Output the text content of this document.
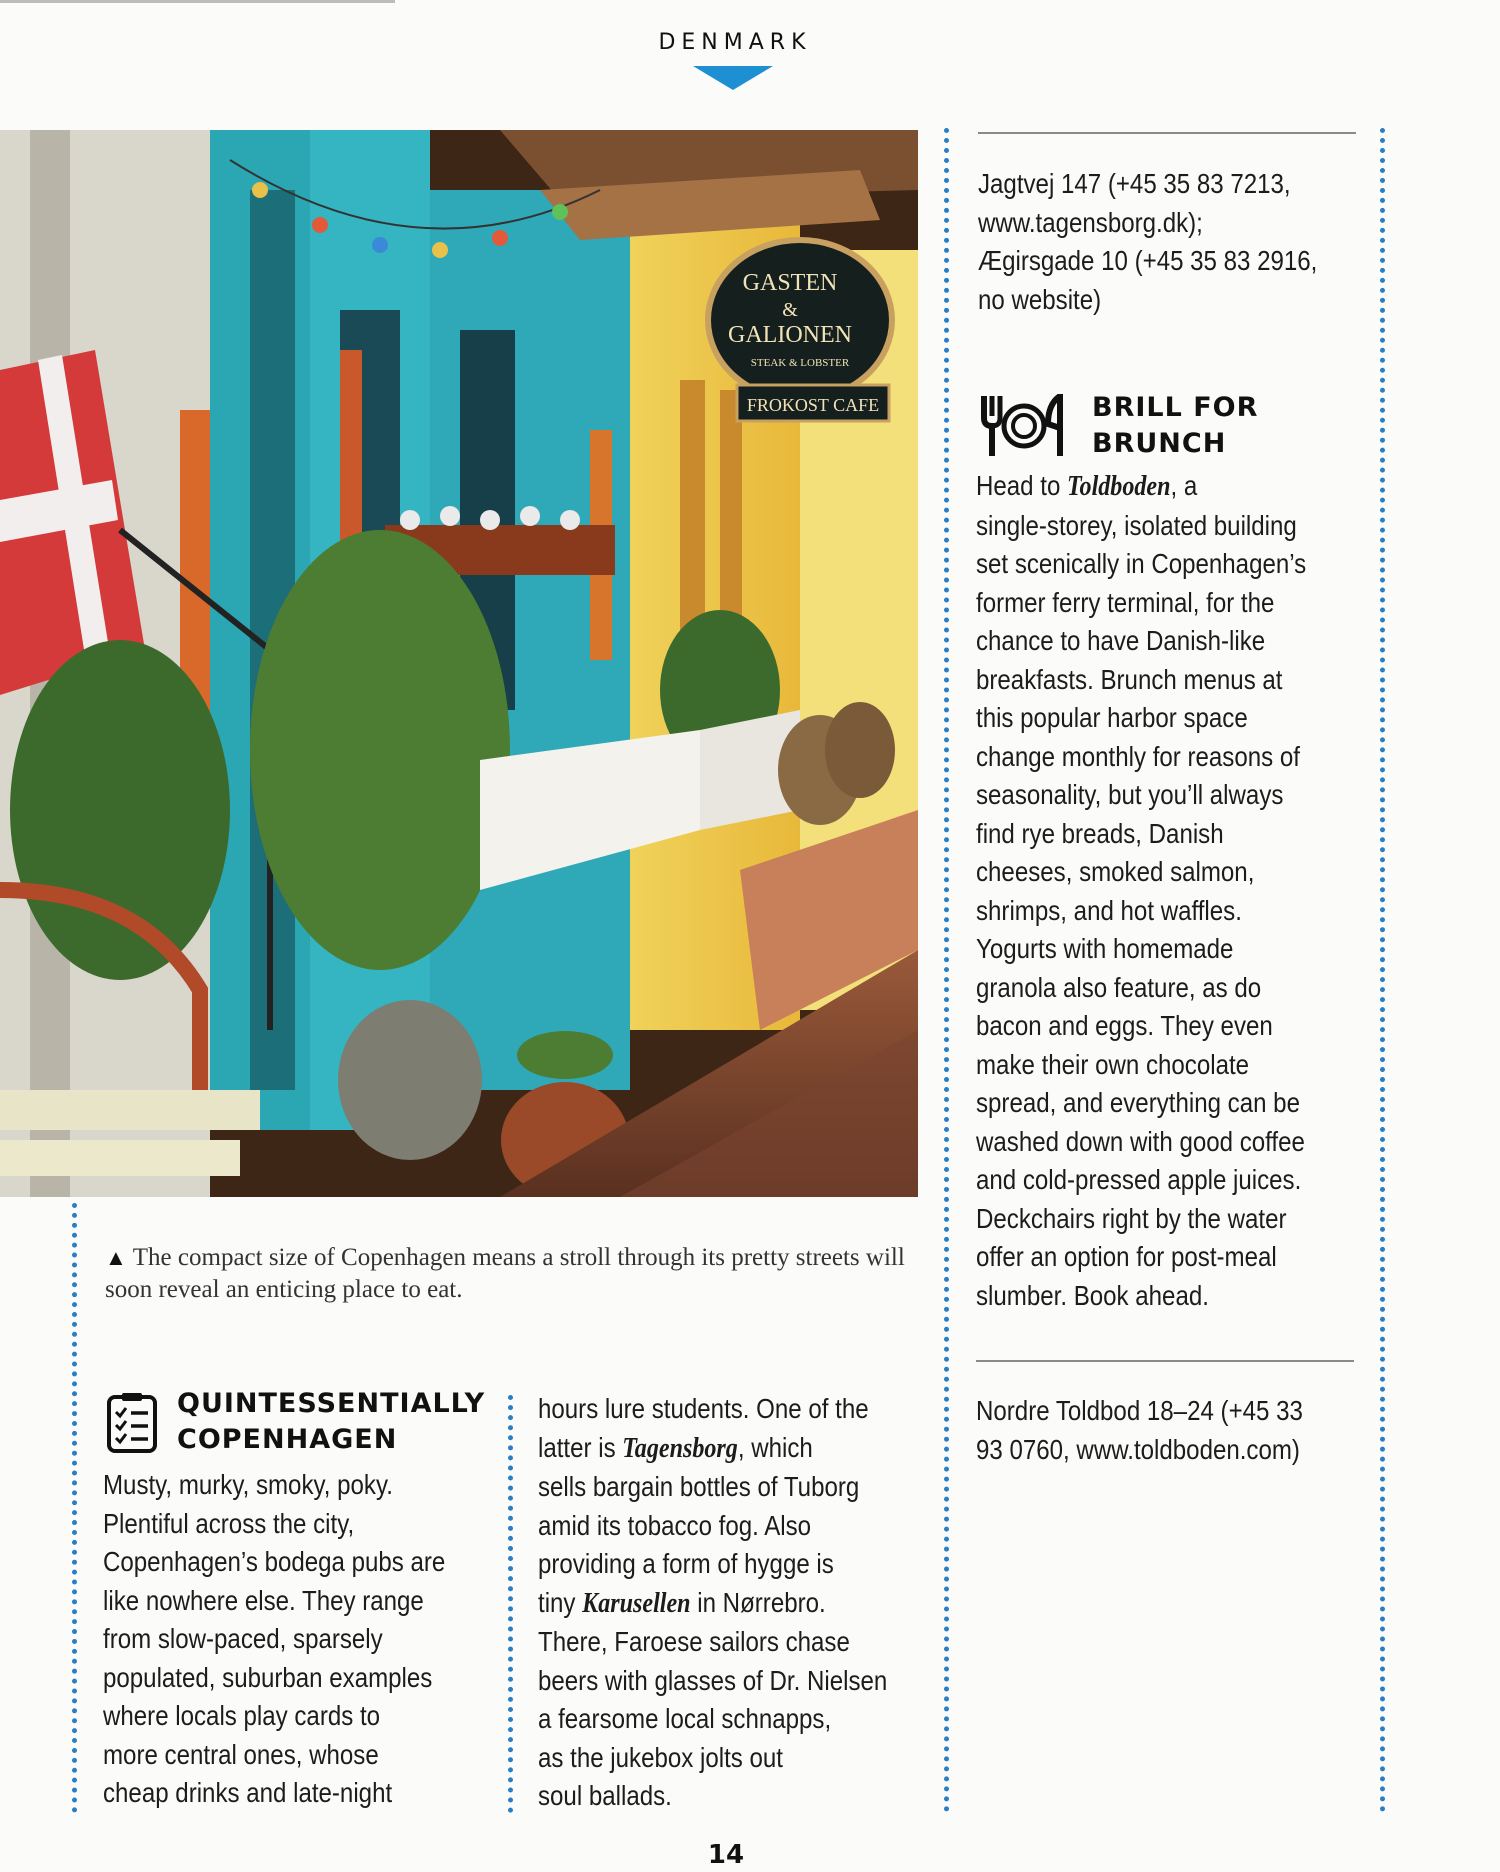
DENMARK
GASTEN
&
GALIONEN
STEAK & LOBSTER
FROKOST CAFE
▲ The compact size of Copenhagen means a stroll through its pretty streets will soon reveal an enticing place to eat.
Jagtvej 147 (+45 35 83 7213,
www.tagensborg.dk);
Ægirsgade 10 (+45 35 83 2916,
no website)
BRILL FOR
BRUNCH
Head to Toldboden, a
single-storey, isolated building
set scenically in Copenhagen’s
former ferry terminal, for the
chance to have Danish-like
breakfasts. Brunch menus at
this popular harbor space
change monthly for reasons of
seasonality, but you’ll always
find rye breads, Danish
cheeses, smoked salmon,
shrimps, and hot waffles.
Yogurts with homemade
granola also feature, as do
bacon and eggs. They even
make their own chocolate
spread, and everything can be
washed down with good coffee
and cold-pressed apple juices.
Deckchairs right by the water
offer an option for post-meal
slumber. Book ahead.
Nordre Toldbod 18–24 (+45 33
93 0760, www.toldboden.com)
QUINTESSENTIALLY
COPENHAGEN
Musty, murky, smoky, poky.
Plentiful across the city,
Copenhagen’s bodega pubs are
like nowhere else. They range
from slow-paced, sparsely
populated, suburban examples
where locals play cards to
more central ones, whose
cheap drinks and late-night
hours lure students. One of the
latter is Tagensborg, which
sells bargain bottles of Tuborg
amid its tobacco fog. Also
providing a form of hygge is
tiny Karusellen in Nørrebro.
There, Faroese sailors chase
beers with glasses of Dr. Nielsen
a fearsome local schnapps,
as the jukebox jolts out
soul ballads.
14
